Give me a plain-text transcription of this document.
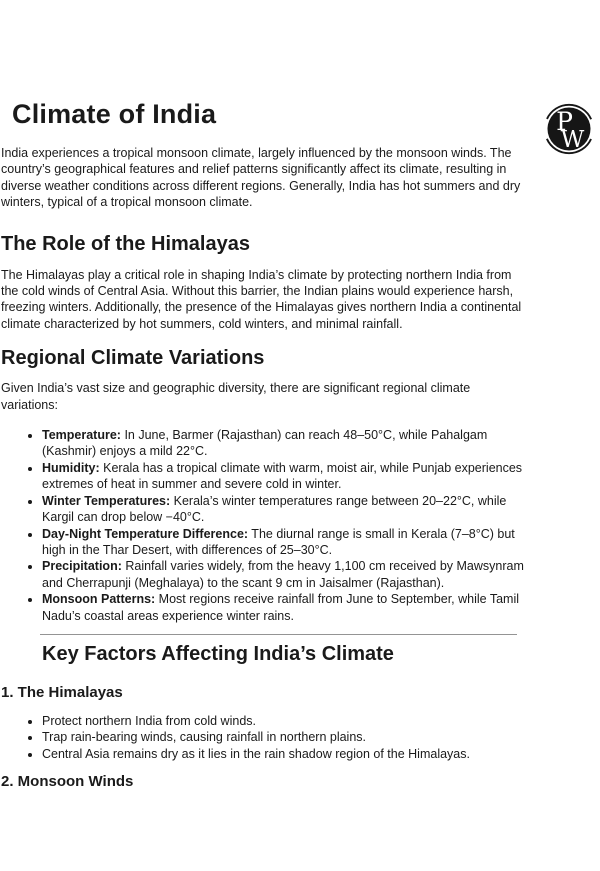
P
W
Climate of India

India experiences a tropical monsoon climate, largely influenced by the monsoon winds. The country’s geographical features and relief patterns significantly affect its climate, resulting in diverse weather conditions across different regions. Generally, India has hot summers and dry winters, typical of a tropical monsoon climate.

The Role of the Himalayas

The Himalayas play a critical role in shaping India’s climate by protecting northern India from the cold winds of Central Asia. Without this barrier, the Indian plains would experience harsh, freezing winters. Additionally, the presence of the Himalayas gives northern India a continental climate characterized by hot summers, cold winters, and minimal rainfall.

Regional Climate Variations

Given India’s vast size and geographic diversity, there are significant regional climate variations:

• Temperature: In June, Barmer (Rajasthan) can reach 48–50°C, while Pahalgam (Kashmir) enjoys a mild 22°C.
• Humidity: Kerala has a tropical climate with warm, moist air, while Punjab experiences extremes of heat in summer and severe cold in winter.
• Winter Temperatures: Kerala’s winter temperatures range between 20–22°C, while Kargil can drop below −40°C.
• Day-Night Temperature Difference: The diurnal range is small in Kerala (7–8°C) but high in the Thar Desert, with differences of 25–30°C.
• Precipitation: Rainfall varies widely, from the heavy 1,100 cm received by Mawsynram and Cherrapunji (Meghalaya) to the scant 9 cm in Jaisalmer (Rajasthan).
• Monsoon Patterns: Most regions receive rainfall from June to September, while Tamil Nadu’s coastal areas experience winter rains.
Key Factors Affecting India’s Climate
1. The Himalayas
• Protect northern India from cold winds.
• Trap rain-bearing winds, causing rainfall in northern plains.
• Central Asia remains dry as it lies in the rain shadow region of the Himalayas.
2. Monsoon Winds
